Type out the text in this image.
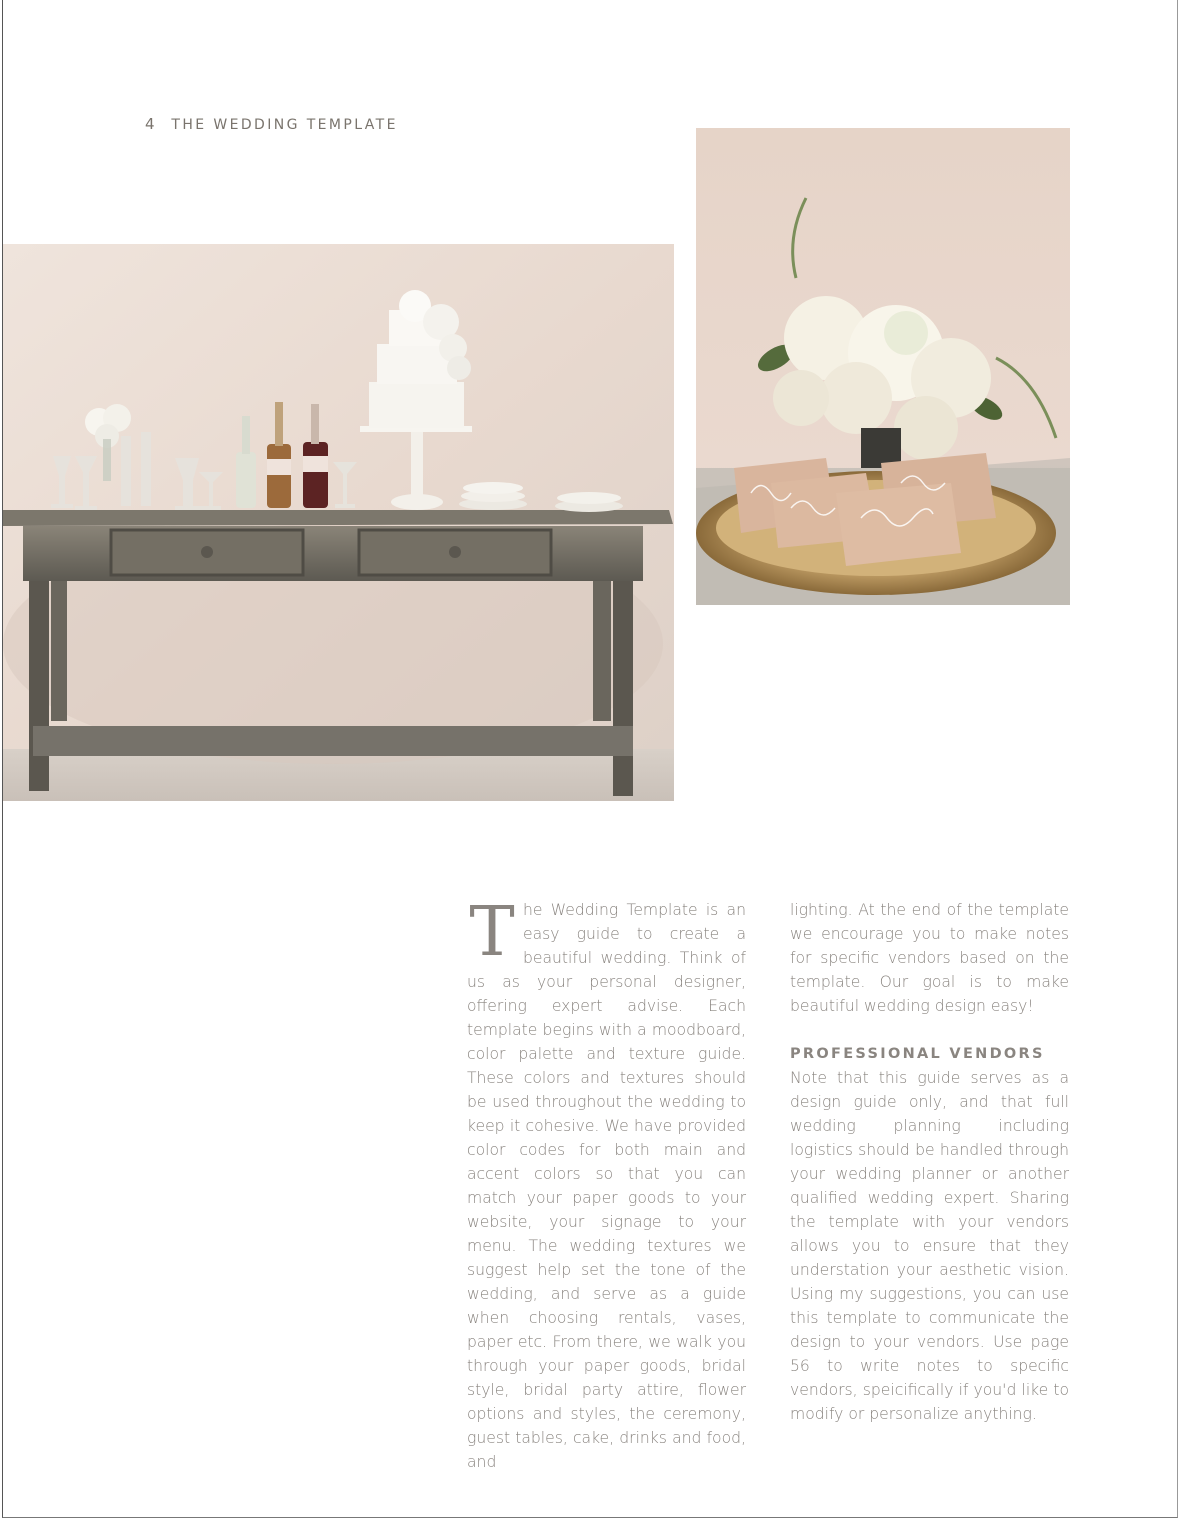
4 THE WEDDING TEMPLATE

T he Wedding Template is an easy guide to create a beautiful wedding. Think of us as your personal designer, offering expert advise. Each template begins with a moodboard, color palette and texture guide. These colors and textures should be used throughout the wedding to keep it cohesive. We have provided color codes for both main and accent colors so that you can match your paper goods to your website, your signage to your menu. The wedding textures we suggest help set the tone of the wedding, and serve as a guide when choosing rentals, vases, paper etc. From there, we walk you through your paper goods, bridal style, bridal party attire, flower options and styles, the ceremony, guest tables, cake, drinks and food, and

lighting. At the end of the template we encourage you to make notes for specific vendors based on the template. Our goal is to make beautiful wedding design easy!

PROFESSIONAL VENDORS

Note that this guide serves as a design guide only, and that full wedding planning including logistics should be handled through your wedding planner or another qualified wedding expert. Sharing the template with your vendors allows you to ensure that they understation your aesthetic vision. Using my suggestions, you can use this template to communicate the design to your vendors. Use page 56 to write notes to specific vendors, speicifically if you'd like to modify or personalize anything.
